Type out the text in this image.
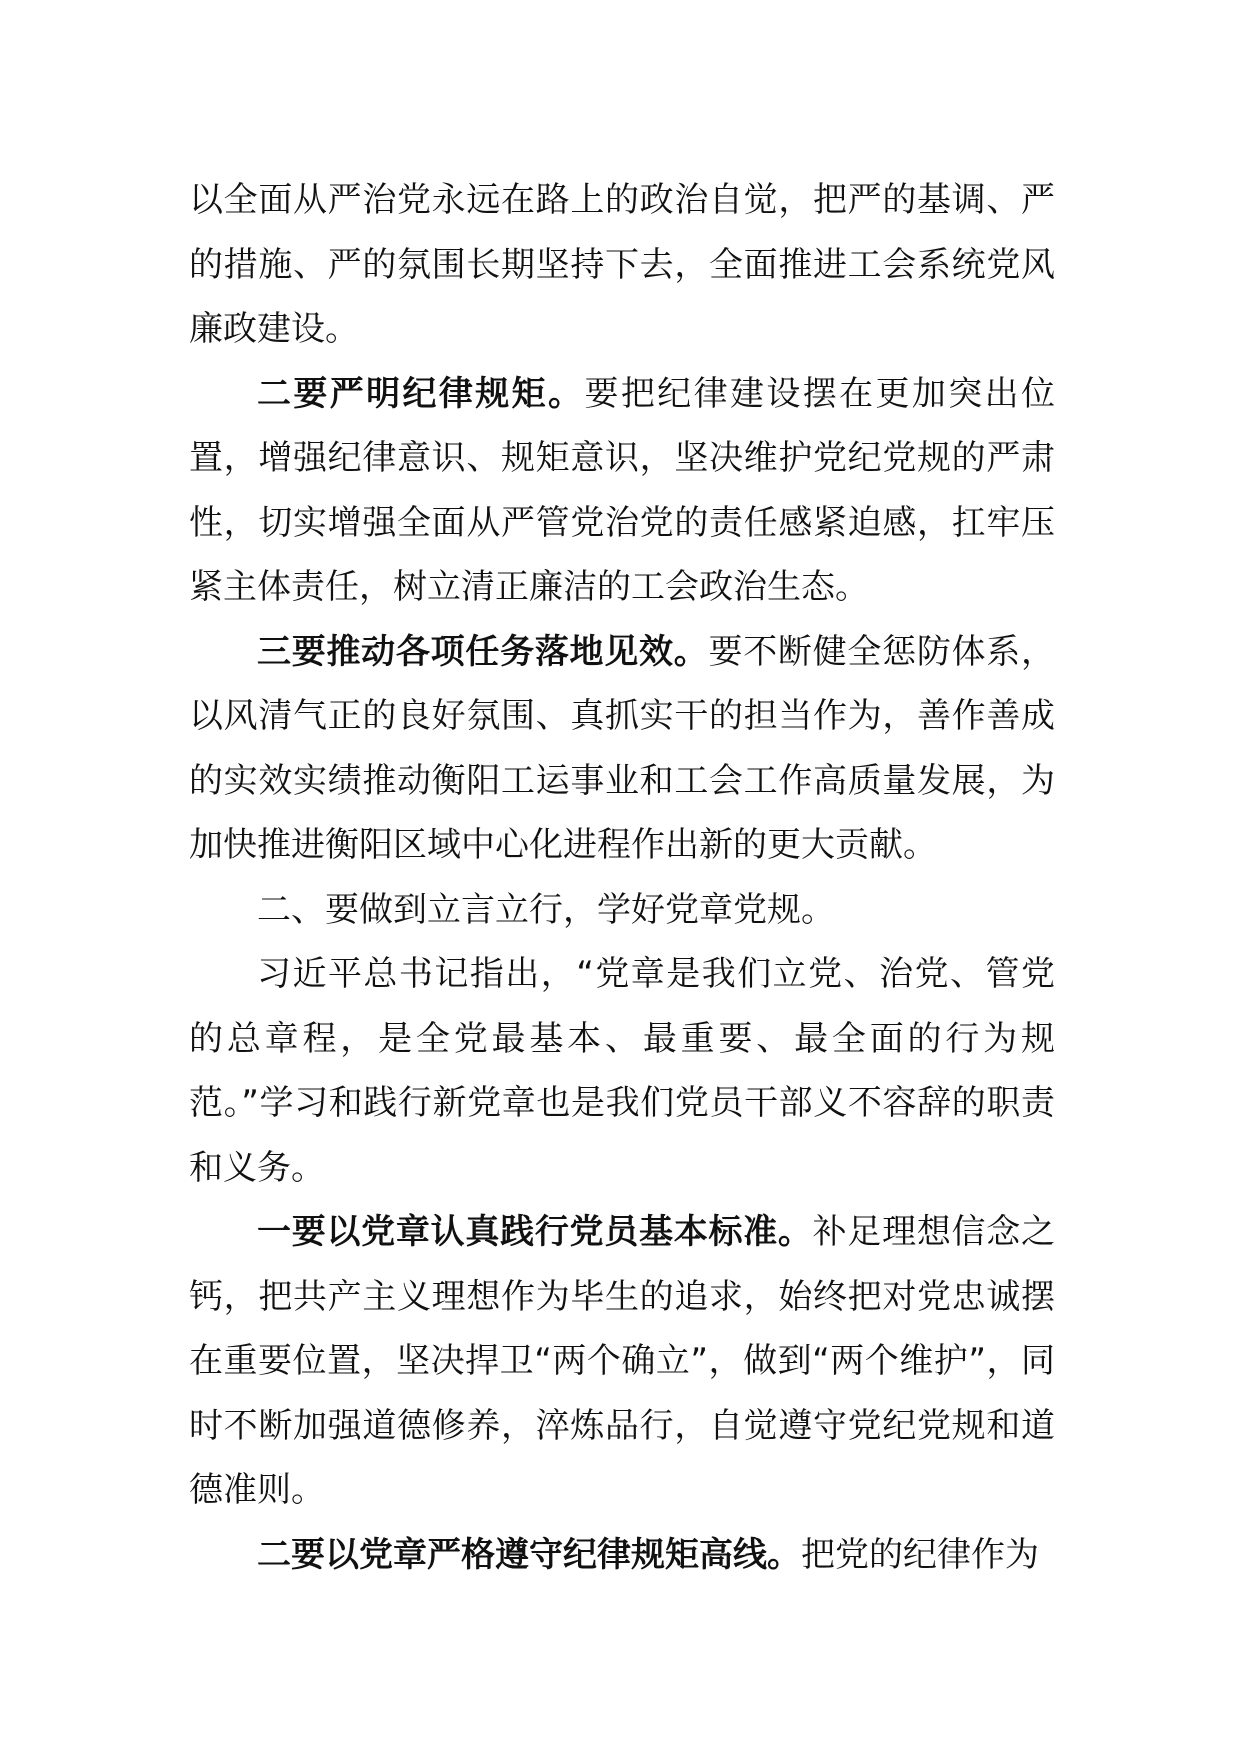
以全面从严治党永远在路上的政治自觉，把严的基调、严的措施、严的氛围长期坚持下去，全面推进工会系统党风廉政建设。

二要严明纪律规矩。要把纪律建设摆在更加突出位置，增强纪律意识、规矩意识，坚决维护党纪党规的严肃性，切实增强全面从严管党治党的责任感紧迫感，扛牢压紧主体责任，树立清正廉洁的工会政治生态。

三要推动各项任务落地见效。要不断健全惩防体系，以风清气正的良好氛围、真抓实干的担当作为，善作善成的实效实绩推动衡阳工运事业和工会工作高质量发展，为加快推进衡阳区域中心化进程作出新的更大贡献。

二、要做到立言立行，学好党章党规。

习近平总书记指出，“党章是我们立党、治党、管党的总章程，是全党最基本、最重要、最全面的行为规范。”学习和践行新党章也是我们党员干部义不容辞的职责和义务。

一要以党章认真践行党员基本标准。补足理想信念之钙，把共产主义理想作为毕生的追求，始终把对党忠诚摆在重要位置，坚决捍卫“两个确立”，做到“两个维护”，同时不断加强道德修养，淬炼品行，自觉遵守党纪党规和道德准则。

二要以党章严格遵守纪律规矩高线。把党的纪律作为
